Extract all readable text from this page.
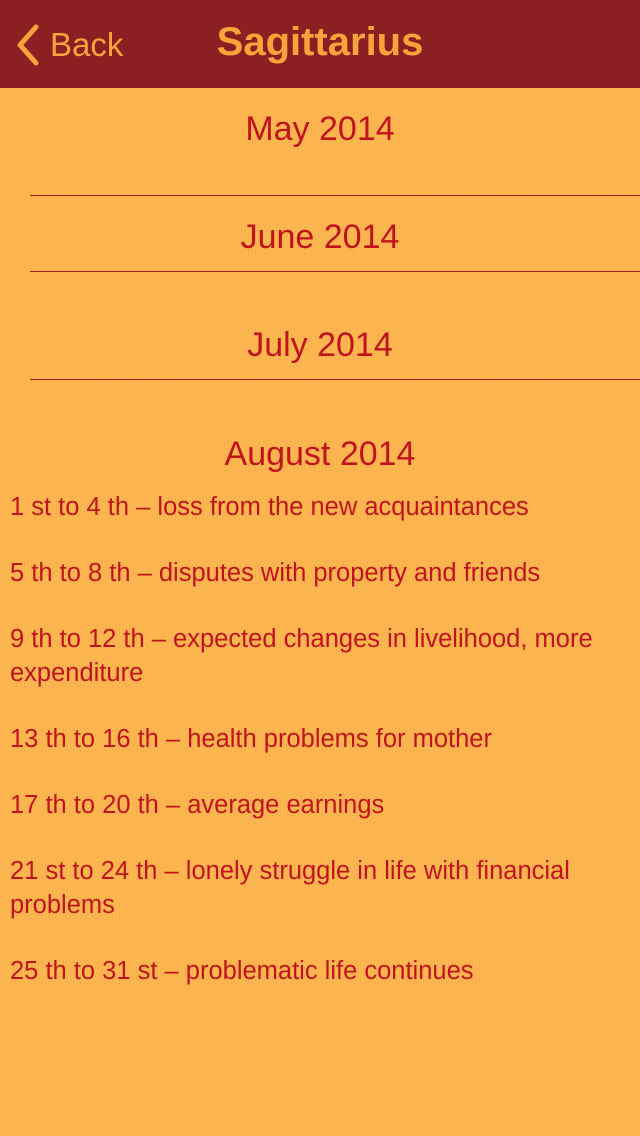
Back	Sagittarius
May 2014
June 2014
July 2014
August 2014
1 st to 4 th – loss from the new acquaintances
5 th to 8 th – disputes with property and friends
9 th to 12 th – expected changes in livelihood, more expenditure
13 th to 16 th – health problems for mother
17 th to 20 th – average earnings
21 st to 24 th – lonely struggle in life with financial problems
25 th to 31 st – problematic life continues
